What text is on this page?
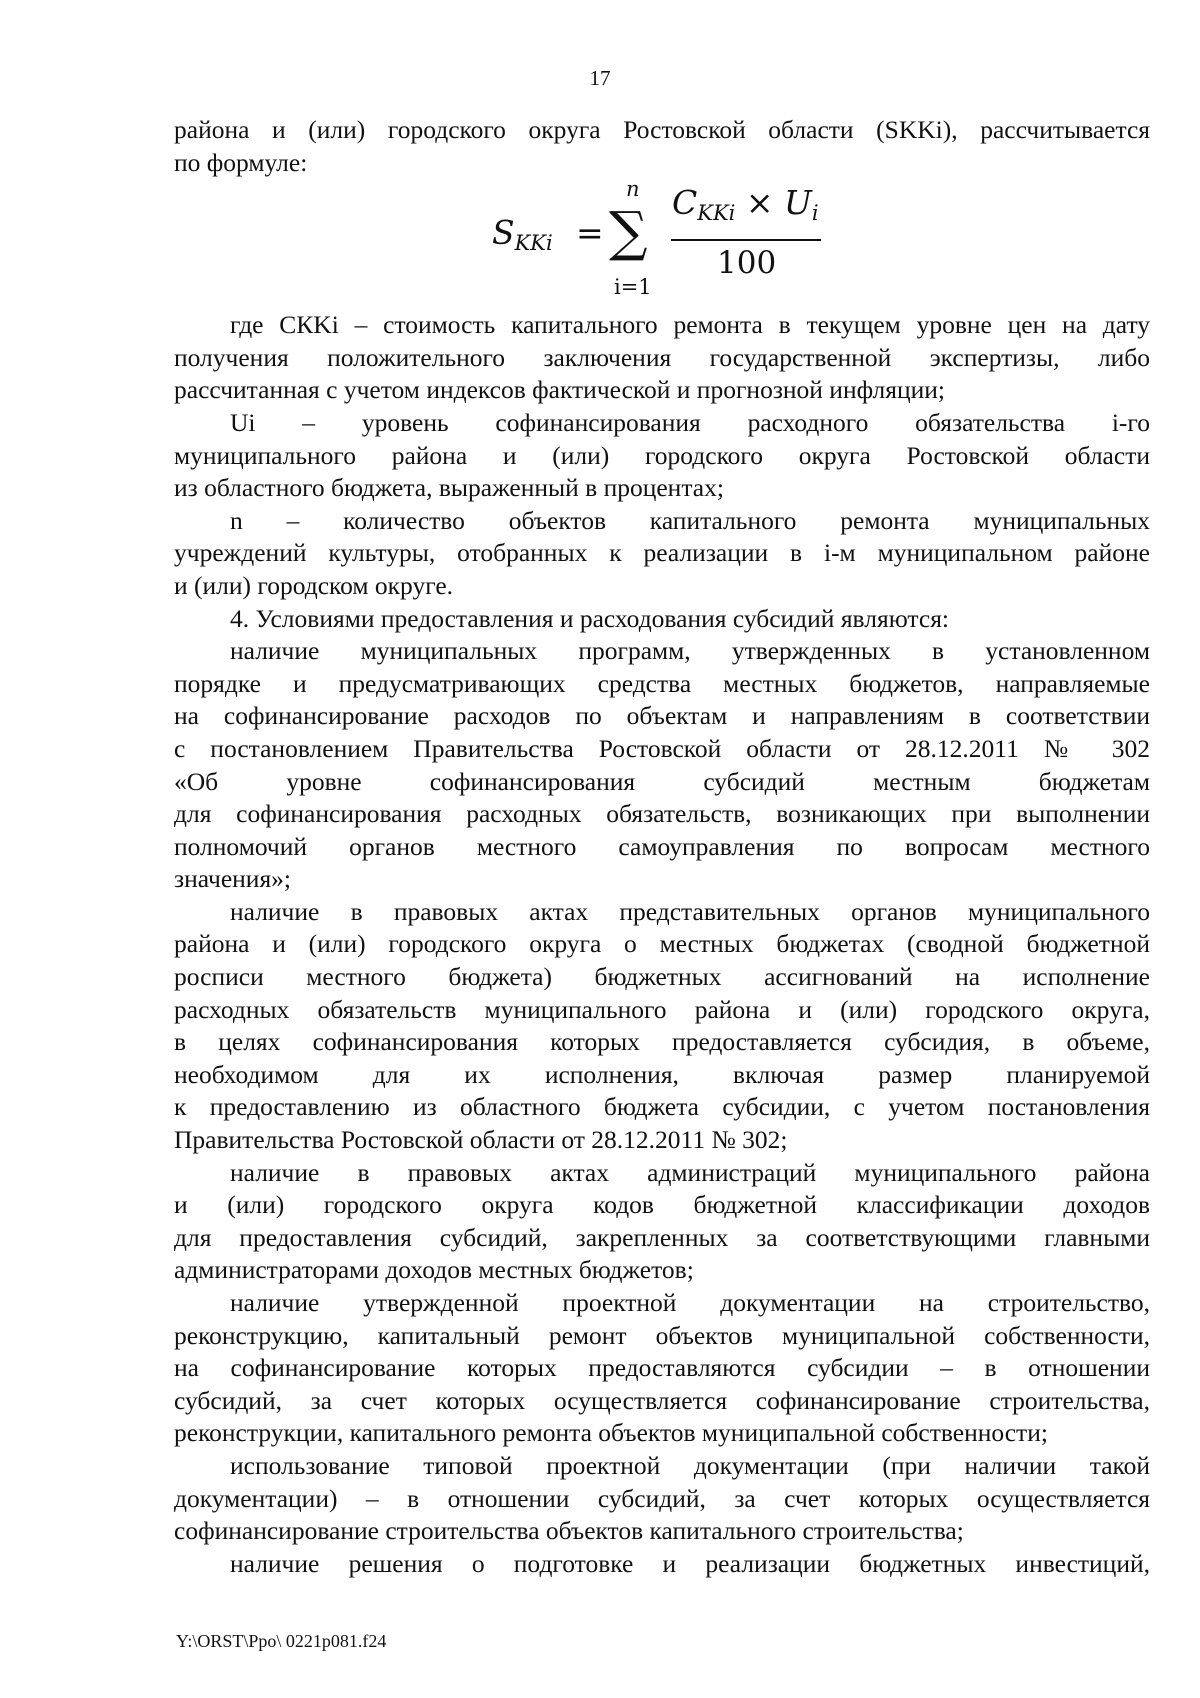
17
района и (или) городского округа Ростовской области (SKKi), рассчитывается
по формуле:
$S_{KKi}$ = ∑
n
i=1
$C_{KKi} \times U_i$
100
где СКKi – стоимость капитального ремонта в текущем уровне цен на дату
получения положительного заключения государственной экспертизы, либо
рассчитанная с учетом индексов фактической и прогнозной инфляции;
Ui – уровень софинансирования расходного обязательства i-го
муниципального района и (или) городского округа Ростовской области
из областного бюджета, выраженный в процентах;
n – количество объектов капитального ремонта муниципальных
учреждений культуры, отобранных к реализации в i-м муниципальном районе
и (или) городском округе.
4. Условиями предоставления и расходования субсидий являются:
наличие муниципальных программ, утвержденных в установленном
порядке и предусматривающих средства местных бюджетов, направляемые
на софинансирование расходов по объектам и направлениям в соответствии
с постановлением Правительства Ростовской области от 28.12.2011 № 302
«Об уровне софинансирования субсидий местным бюджетам
для софинансирования расходных обязательств, возникающих при выполнении
полномочий органов местного самоуправления по вопросам местного
значения»;
наличие в правовых актах представительных органов муниципального
района и (или) городского округа о местных бюджетах (сводной бюджетной
росписи местного бюджета) бюджетных ассигнований на исполнение
расходных обязательств муниципального района и (или) городского округа,
в целях софинансирования которых предоставляется субсидия, в объеме,
необходимом для их исполнения, включая размер планируемой
к предоставлению из областного бюджета субсидии, с учетом постановления
Правительства Ростовской области от 28.12.2011 № 302;
наличие в правовых актах администраций муниципального района
и (или) городского округа кодов бюджетной классификации доходов
для предоставления субсидий, закрепленных за соответствующими главными
администраторами доходов местных бюджетов;
наличие утвержденной проектной документации на строительство,
реконструкцию, капитальный ремонт объектов муниципальной собственности,
на софинансирование которых предоставляются субсидии – в отношении
субсидий, за счет которых осуществляется софинансирование строительства,
реконструкции, капитального ремонта объектов муниципальной собственности;
использование типовой проектной документации (при наличии такой
документации) – в отношении субсидий, за счет которых осуществляется
софинансирование строительства объектов капитального строительства;
наличие решения о подготовке и реализации бюджетных инвестиций,
Y:\ORST\Ppo\ 0221p081.f24
